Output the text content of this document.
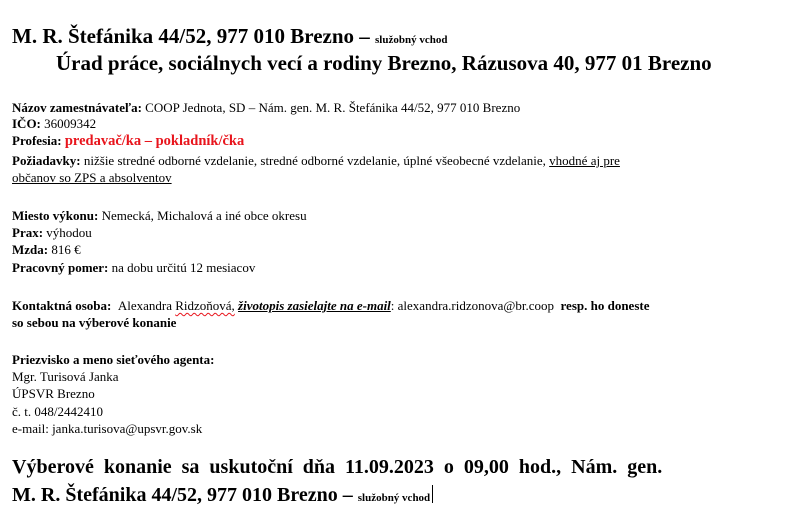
M. R. Štefánika 44/52, 977 010 Brezno – služobný vchod
Úrad práce, sociálnych vecí a rodiny Brezno, Rázusova 40, 977 01 Brezno
Názov zamestnávateľa: COOP Jednota, SD – Nám. gen. M. R. Štefánika 44/52, 977 010 Brezno
IČO: 36009342
Profesia: predavač/ka – pokladník/čka
Požiadavky: nižšie stredné odborné vzdelanie, stredné odborné vzdelanie, úplné všeobecné vzdelanie, vhodné aj pre
občanov so ZPS a absolventov
Miesto výkonu: Nemecká, Michalová a iné obce okresu
Prax: výhodou
Mzda: 816 €
Pracovný pomer: na dobu určitú 12 mesiacov
Kontaktná osoba: Alexandra Ridzoňová, životopis zasielajte na e-mail: alexandra.ridzonova@br.coop resp. ho doneste
so sebou na výberové konanie
Priezvisko a meno sieťového agenta:
Mgr. Turisová Janka
ÚPSVR Brezno
č. t. 048/2442410
e-mail: janka.turisova@upsvr.gov.sk
Výberové konanie sa uskutoční dňa 11.09.2023 o 09,00 hod., Nám. gen.
M. R. Štefánika 44/52, 977 010 Brezno – služobný vchod
